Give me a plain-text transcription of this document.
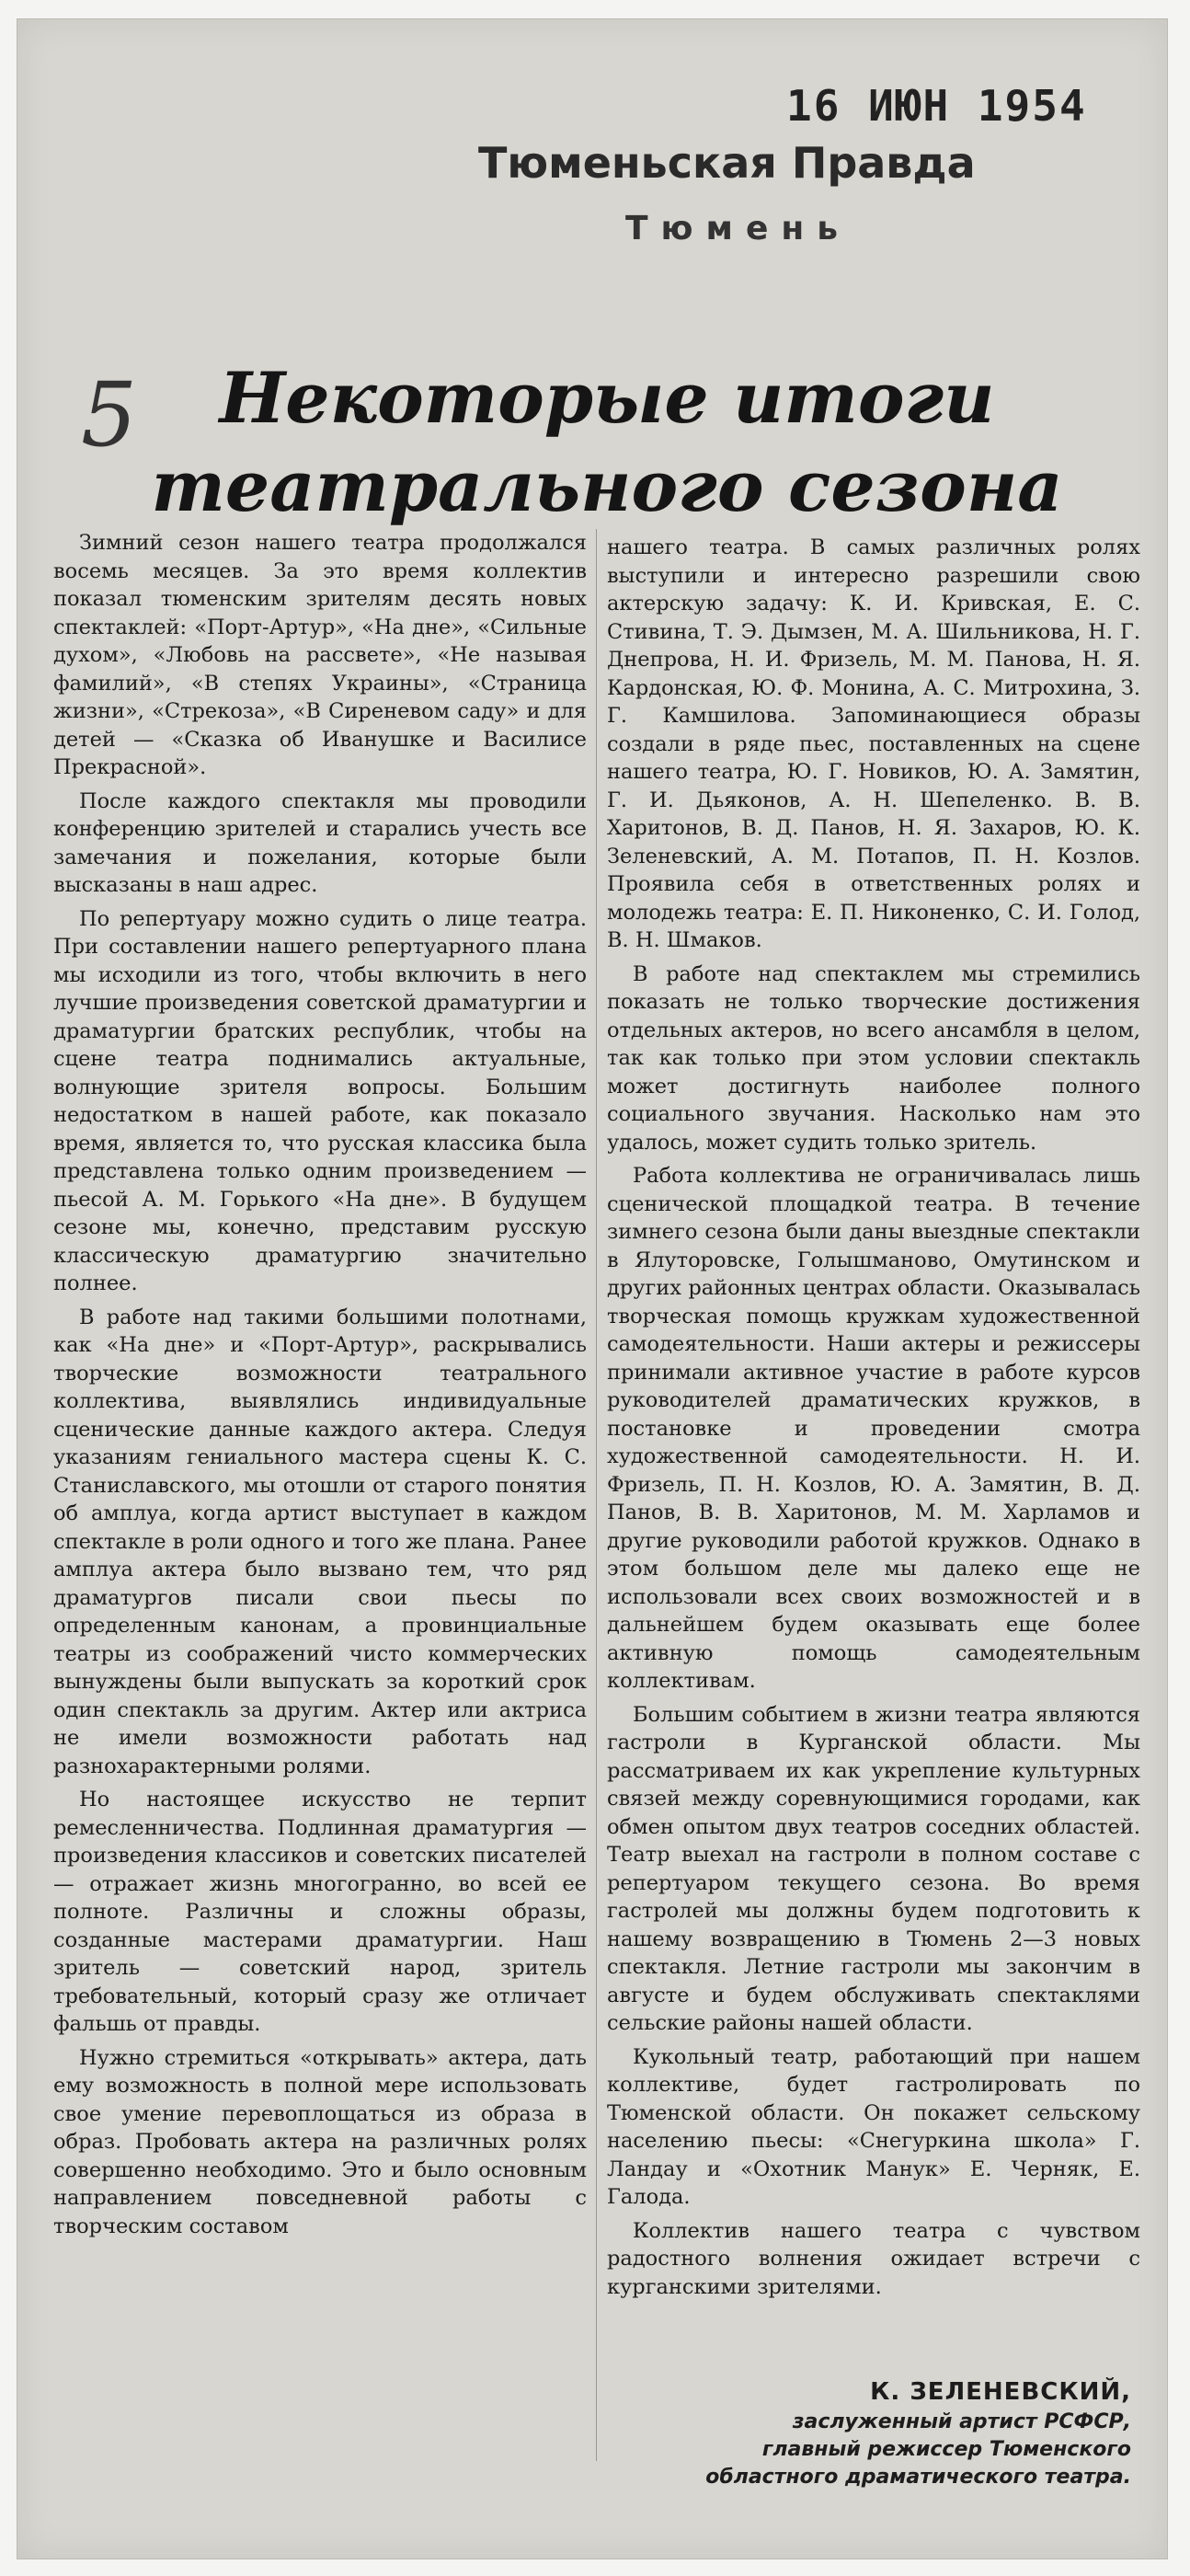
16 ИЮН 1954
Тюменьская Правда
Тюмень
5	Некоторые итоги
театрального сезона

Зимний сезон нашего театра продолжался восемь месяцев. За это время коллектив показал тюменским зрителям десять новых спектаклей: «Порт-Артур», «На дне», «Сильные духом», «Любовь на рассвете», «Не называя фамилий», «В степях Украины», «Страница жизни», «Стрекоза», «В Сиреневом саду» и для детей — «Сказка об Иванушке и Василисе Прекрасной».

После каждого спектакля мы проводили конференцию зрителей и старались учесть все замечания и пожелания, которые были высказаны в наш адрес.

По репертуару можно судить о лице театра. При составлении нашего репертуарного плана мы исходили из того, чтобы включить в него лучшие произведения советской драматургии и драматургии братских республик, чтобы на сцене театра поднимались актуальные, волнующие зрителя вопросы. Большим недостатком в нашей работе, как показало время, является то, что русская классика была представлена только одним произведением — пьесой А. М. Горького «На дне». В будущем сезоне мы, конечно, представим русскую классическую драматургию значительно полнее.

В работе над такими большими полотнами, как «На дне» и «Порт-Артур», раскрывались творческие возможности театрального коллектива, выявлялись индивидуальные сценические данные каждого актера. Следуя указаниям гениального мастера сцены К. С. Станиславского, мы отошли от старого понятия об амплуа, когда артист выступает в каждом спектакле в роли одного и того же плана. Ранее амплуа актера было вызвано тем, что ряд драматургов писали свои пьесы по определенным канонам, а провинциальные театры из соображений чисто коммерческих вынуждены были выпускать за короткий срок один спектакль за другим. Актер или актриса не имели возможности работать над разнохарактерными ролями.

Но настоящее искусство не терпит ремесленничества. Подлинная драматургия — произведения классиков и советских писателей — отражает жизнь многогранно, во всей ее полноте. Различны и сложны образы, созданные мастерами драматургии. Наш зритель — советский народ, зритель требовательный, который сразу же отличает фальшь от правды.

Нужно стремиться «открывать» актера, дать ему возможность в полной мере использовать свое умение перевоплощаться из образа в образ. Пробовать актера на различных ролях совершенно необходимо. Это и было основным направлением повседневной работы с творческим составом

нашего театра. В самых различных ролях выступили и интересно разрешили свою актерскую задачу: К. И. Кривская, Е. С. Стивина, Т. Э. Дымзен, М. А. Шильникова, Н. Г. Днепрова, Н. И. Фризель, М. М. Панова, Н. Я. Кардонская, Ю. Ф. Монина, А. С. Митрохина, З. Г. Камшилова. Запоминающиеся образы создали в ряде пьес, поставленных на сцене нашего театра, Ю. Г. Новиков, Ю. А. Замятин, Г. И. Дьяконов, А. Н. Шепеленко. В. В. Харитонов, В. Д. Панов, Н. Я. Захаров, Ю. К. Зеленевский, А. М. Потапов, П. Н. Козлов. Проявила себя в ответственных ролях и молодежь театра: Е. П. Никоненко, С. И. Голод, В. Н. Шмаков.

В работе над спектаклем мы стремились показать не только творческие достижения отдельных актеров, но всего ансамбля в целом, так как только при этом условии спектакль может достигнуть наиболее полного социального звучания. Насколько нам это удалось, может судить только зритель.

Работа коллектива не ограничивалась лишь сценической площадкой театра. В течение зимнего сезона были даны выездные спектакли в Ялуторовске, Голышманово, Омутинском и других районных центрах области. Оказывалась творческая помощь кружкам художественной самодеятельности. Наши актеры и режиссеры принимали активное участие в работе курсов руководителей драматических кружков, в постановке и проведении смотра художественной самодеятельности. Н. И. Фризель, П. Н. Козлов, Ю. А. Замятин, В. Д. Панов, В. В. Харитонов, М. М. Харламов и другие руководили работой кружков. Однако в этом большом деле мы далеко еще не использовали всех своих возможностей и в дальнейшем будем оказывать еще более активную помощь самодеятельным коллективам.

Большим событием в жизни театра являются гастроли в Курганской области. Мы рассматриваем их как укрепление культурных связей между соревнующимися городами, как обмен опытом двух театров соседних областей. Театр выехал на гастроли в полном составе с репертуаром текущего сезона. Во время гастролей мы должны будем подготовить к нашему возвращению в Тюмень 2—3 новых спектакля. Летние гастроли мы закончим в августе и будем обслуживать спектаклями сельские районы нашей области.

Кукольный театр, работающий при нашем коллективе, будет гастролировать по Тюменской области. Он покажет сельскому населению пьесы: «Снегуркина школа» Г. Ландау и «Охотник Манук» Е. Черняк, Е. Галода.

Коллектив нашего театра с чувством радостного волнения ожидает встречи с курганскими зрителями.

К. ЗЕЛЕНЕВСКИЙ,
заслуженный артист РСФСР,
главный режиссер Тюменского
областного драматического театра.
